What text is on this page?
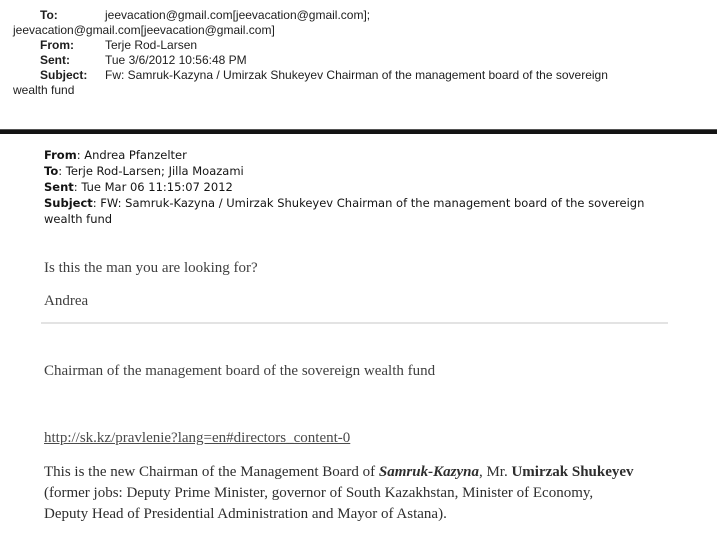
To:	jeevacation@gmail.com[jeevacation@gmail.com]; jeevacation@gmail.com[jeevacation@gmail.com]

From:	Terje Rod-Larsen

Sent:	Tue 3/6/2012 10:56:48 PM

Subject: Fw: Samruk-Kazyna / Umirzak Shukeyev Chairman of the management board of the sovereign wealth fund

From: Andrea Pfanzelter

To: Terje Rod-Larsen; Jilla Moazami

Sent: Tue Mar 06 11:15:07 2012

Subject: FW: Samruk-Kazyna / Umirzak Shukeyev Chairman of the management board of the sovereign wealth fund

Is this the man you are looking for?

Andrea

Chairman of the management board of the sovereign wealth fund

http://sk.kz/pravlenie?lang=en#directors_content-0

This is the new Chairman of the Management Board of Samruk-Kazyna, Mr. Umirzak Shukeyev (former jobs: Deputy Prime Minister, governor of South Kazakhstan, Minister of Economy, Deputy Head of Presidential Administration and Mayor of Astana).
